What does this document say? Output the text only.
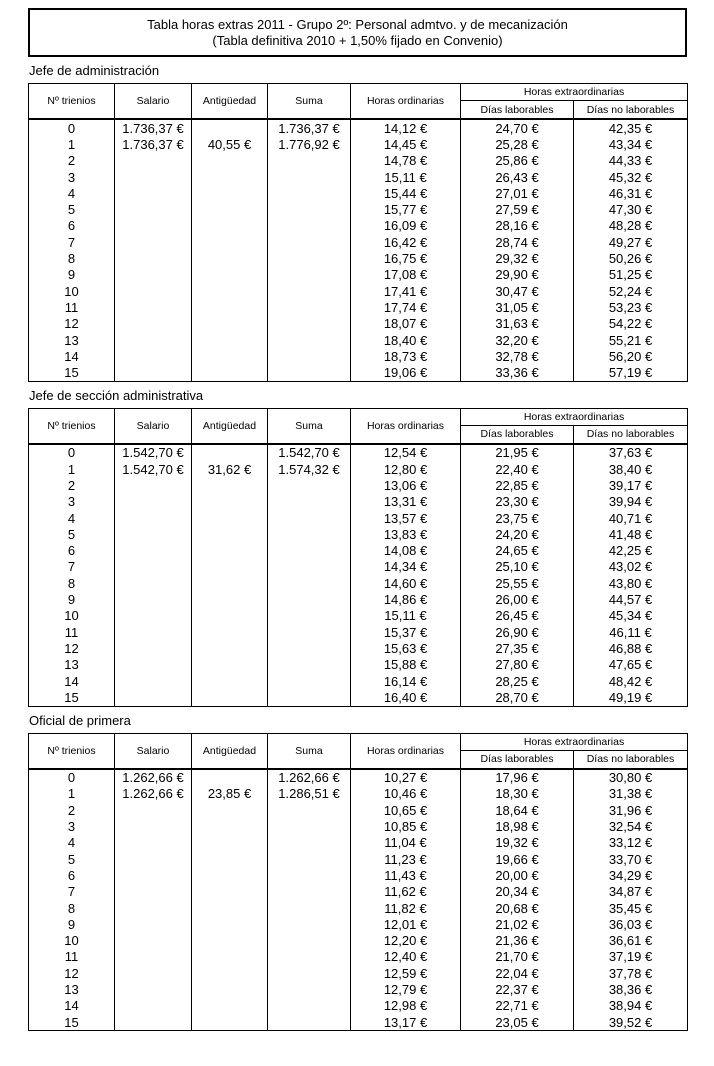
Tabla horas extras 2011 - Grupo 2º: Personal admtvo. y de mecanización
(Tabla definitiva 2010 + 1,50% fijado en Convenio)
Jefe de administración
Nº trienios	Salario	Antigüedad	Suma	Horas ordinarias	Horas extraordinarias	
					Días laborables	Días no laborables
0	1.736,37 €		1.736,37 €	14,12 €	24,70 €	42,35 €
1	1.736,37 €	40,55 €	1.776,92 €	14,45 €	25,28 €	43,34 €
2				14,78 €	25,86 €	44,33 €
3				15,11 €	26,43 €	45,32 €
4				15,44 €	27,01 €	46,31 €
5				15,77 €	27,59 €	47,30 €
6				16,09 €	28,16 €	48,28 €
7				16,42 €	28,74 €	49,27 €
8				16,75 €	29,32 €	50,26 €
9				17,08 €	29,90 €	51,25 €
10				17,41 €	30,47 €	52,24 €
11				17,74 €	31,05 €	53,23 €
12				18,07 €	31,63 €	54,22 €
13				18,40 €	32,20 €	55,21 €
14				18,73 €	32,78 €	56,20 €
15				19,06 €	33,36 €	57,19 €
Jefe de sección administrativa
Nº trienios	Salario	Antigüedad	Suma	Horas ordinarias	Horas extraordinarias	
					Días laborables	Días no laborables
0	1.542,70 €		1.542,70 €	12,54 €	21,95 €	37,63 €
1	1.542,70 €	31,62 €	1.574,32 €	12,80 €	22,40 €	38,40 €
2				13,06 €	22,85 €	39,17 €
3				13,31 €	23,30 €	39,94 €
4				13,57 €	23,75 €	40,71 €
5				13,83 €	24,20 €	41,48 €
6				14,08 €	24,65 €	42,25 €
7				14,34 €	25,10 €	43,02 €
8				14,60 €	25,55 €	43,80 €
9				14,86 €	26,00 €	44,57 €
10				15,11 €	26,45 €	45,34 €
11				15,37 €	26,90 €	46,11 €
12				15,63 €	27,35 €	46,88 €
13				15,88 €	27,80 €	47,65 €
14				16,14 €	28,25 €	48,42 €
15				16,40 €	28,70 €	49,19 €
Oficial de primera
Nº trienios	Salario	Antigüedad	Suma	Horas ordinarias	Horas extraordinarias	
					Días laborables	Días no laborables
0	1.262,66 €		1.262,66 €	10,27 €	17,96 €	30,80 €
1	1.262,66 €	23,85 €	1.286,51 €	10,46 €	18,30 €	31,38 €
2				10,65 €	18,64 €	31,96 €
3				10,85 €	18,98 €	32,54 €
4				11,04 €	19,32 €	33,12 €
5				11,23 €	19,66 €	33,70 €
6				11,43 €	20,00 €	34,29 €
7				11,62 €	20,34 €	34,87 €
8				11,82 €	20,68 €	35,45 €
9				12,01 €	21,02 €	36,03 €
10				12,20 €	21,36 €	36,61 €
11				12,40 €	21,70 €	37,19 €
12				12,59 €	22,04 €	37,78 €
13				12,79 €	22,37 €	38,36 €
14				12,98 €	22,71 €	38,94 €
15				13,17 €	23,05 €	39,52 €
